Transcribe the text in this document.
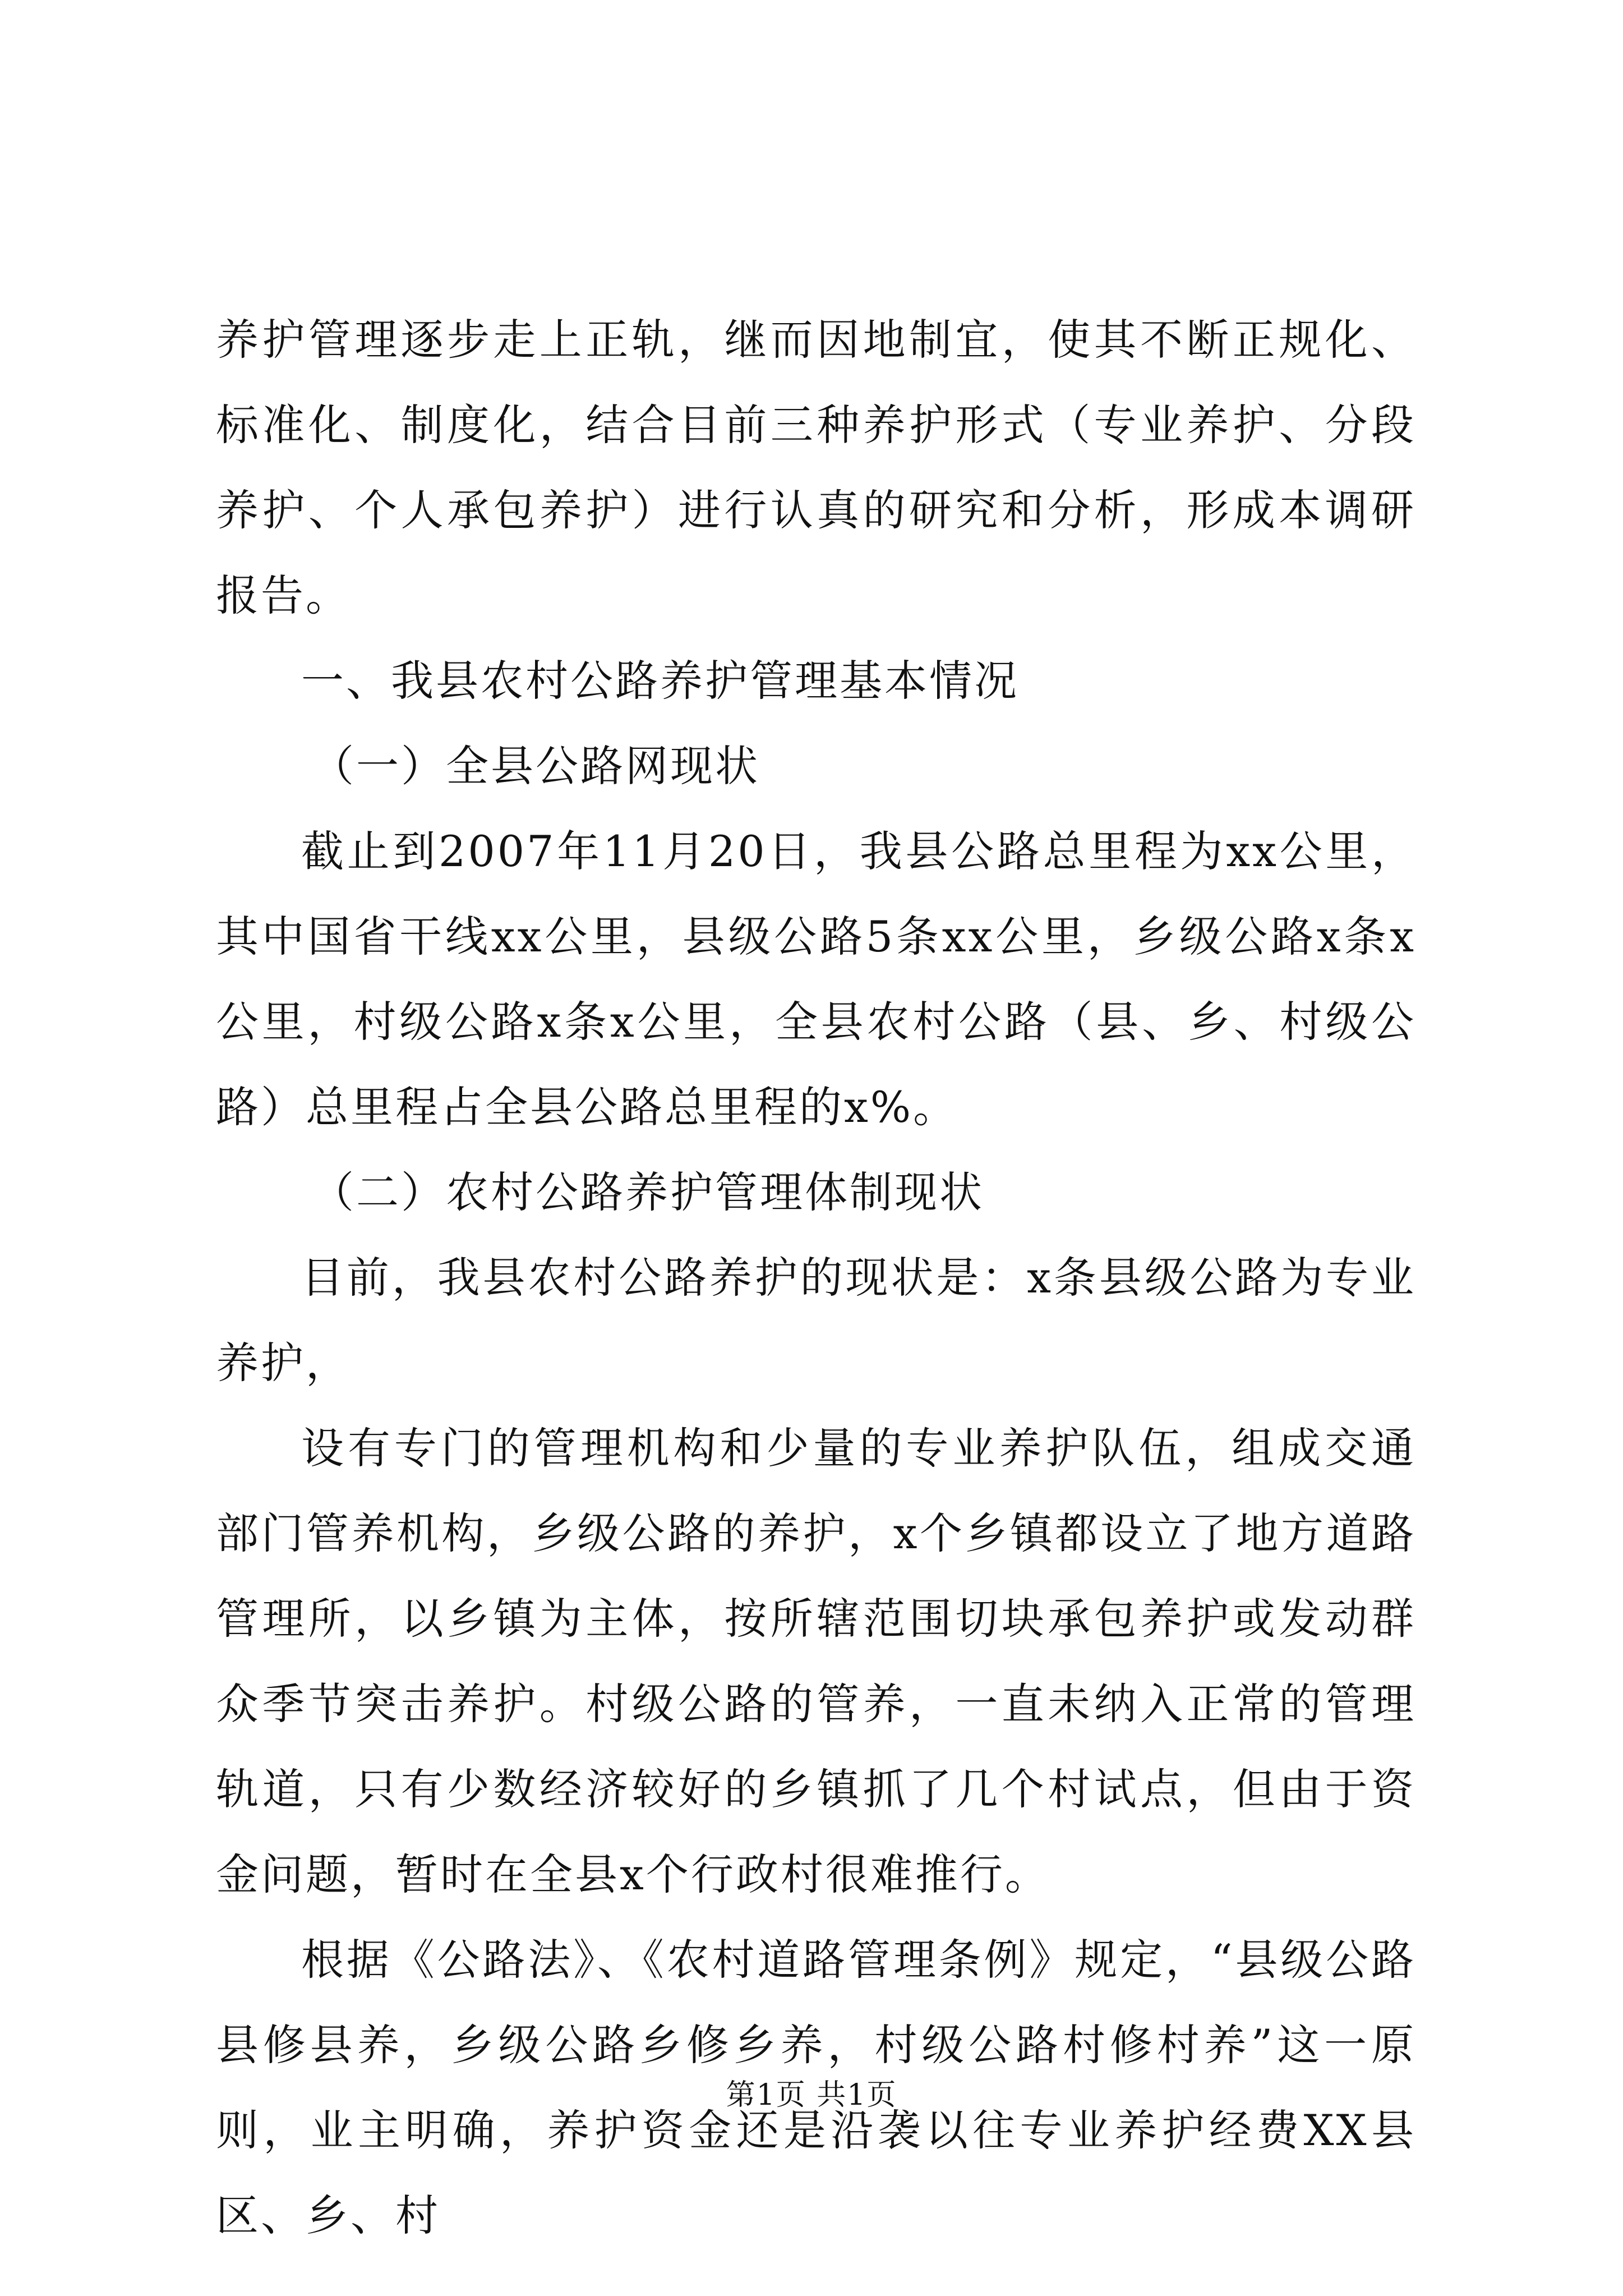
养护管理逐步走上正轨，继而因地制宜，使其不断正规化、标准化、制度化，结合目前三种养护形式（专业养护、分段养护、个人承包养护）进行认真的研究和分析，形成本调研报告。

一、我县农村公路养护管理基本情况

（一）全县公路网现状

截止到2007年11月20日，我县公路总里程为xx公里，其中国省干线xx公里，县级公路5条xx公里，乡级公路x条x公里，村级公路x条x公里，全县农村公路（县、乡、村级公路）总里程占全县公路总里程的x%。

（二）农村公路养护管理体制现状

目前，我县农村公路养护的现状是：x条县级公路为专业养护，

设有专门的管理机构和少量的专业养护队伍，组成交通部门管养机构，乡级公路的养护，x个乡镇都设立了地方道路管理所，以乡镇为主体，按所辖范围切块承包养护或发动群众季节突击养护。村级公路的管养，一直未纳入正常的管理轨道，只有少数经济较好的乡镇抓了几个村试点，但由于资金问题，暂时在全县x个行政村很难推行。

根据《公路法》、《农村道路管理条例》规定，“县级公路县修县养，乡级公路乡修乡养，村级公路村修村养”这一原则，业主明确，养护资金还是沿袭以往专业养护经费XX县区、乡、村

第1页 共1页
